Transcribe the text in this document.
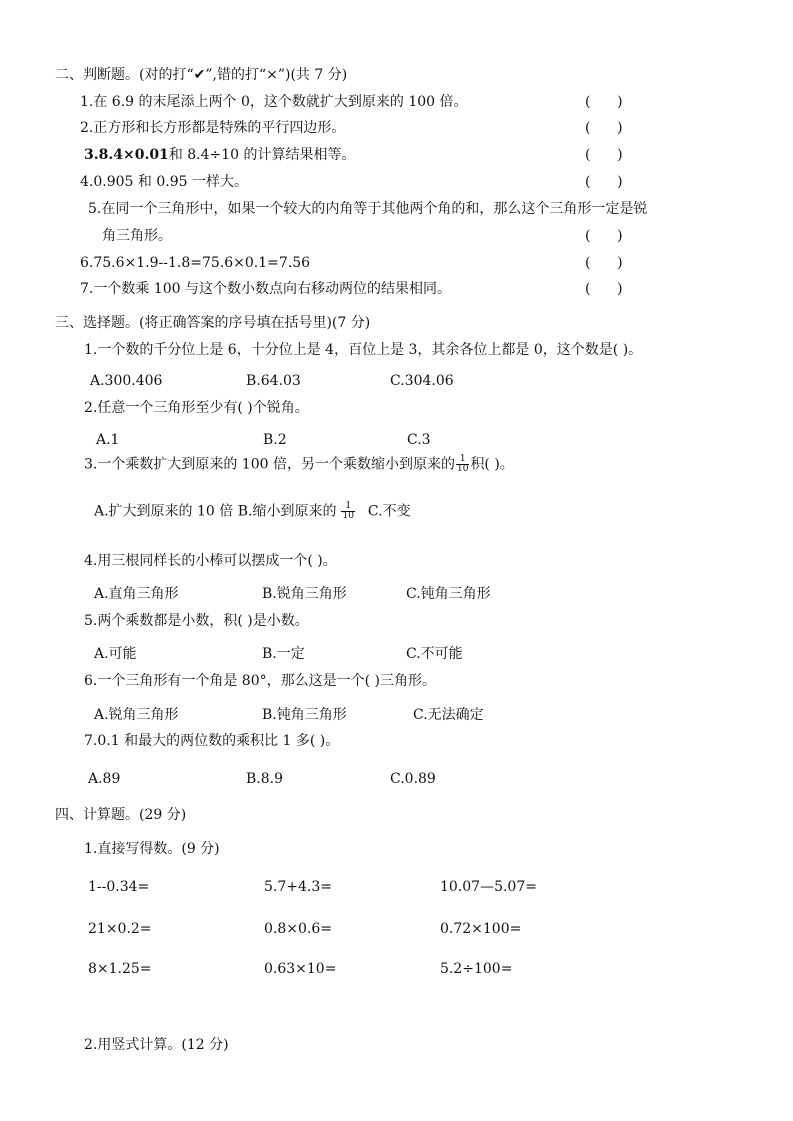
二、判断题。(对的打“✔”,错的打“×”)(共 7 分)
1.在 6.9 的末尾添上两个 0，这个数就扩大到原来的 100 倍。	(      )
2.正方形和长方形都是特殊的平行四边形。	(      )
3.8.4×0.01和 8.4÷10 的计算结果相等。	(      )
4.0.905 和 0.95 一样大。	(      )
5.在同一个三角形中，如果一个较大的内角等于其他两个角的和，那么这个三角形一定是锐
角三角形。	(      )
6.75.6×1.9--1.8=75.6×0.1=7.56	(      )
7.一个数乘 100 与这个数小数点向右移动两位的结果相同。	(      )
三、选择题。(将正确答案的序号填在括号里)(7 分)
1.一个数的千分位上是 6，十分位上是 4，百位上是 3，其余各位上都是 0，这个数是( )。
A.300.406	B.64.03	C.304.06
2.任意一个三角形至少有( )个锐角。
A.1	B.2	C.3
3.一个乘数扩大到原来的 100 倍，另一个乘数缩小到原来的 $\frac{1}{10}$ 积( )。
A.扩大到原来的 10 倍 B.缩小到原来的 $\frac{1}{10} C$.不变
4.用三根同样长的小棒可以摆成一个( )。
A.直角三角形	B.锐角三角形	C.钝角三角形
5.两个乘数都是小数，积( )是小数。
A.可能	B.一定	C.不可能
6.一个三角形有一个角是 80°，那么这是一个( )三角形。
A.锐角三角形	B.钝角三角形	C.无法确定
7.0.1 和最大的两位数的乘积比 1 多( )。
A.89	B.8.9	C.0.89
四、计算题。(29 分)
1.直接写得数。(9 分)
1--0.34=	5.7+4.3=	10.07—5.07=
21×0.2=	0.8×0.6=	0.72×100=
8×1.25=	0.63×10=	5.2÷100=
2.用竖式计算。(12 分)
